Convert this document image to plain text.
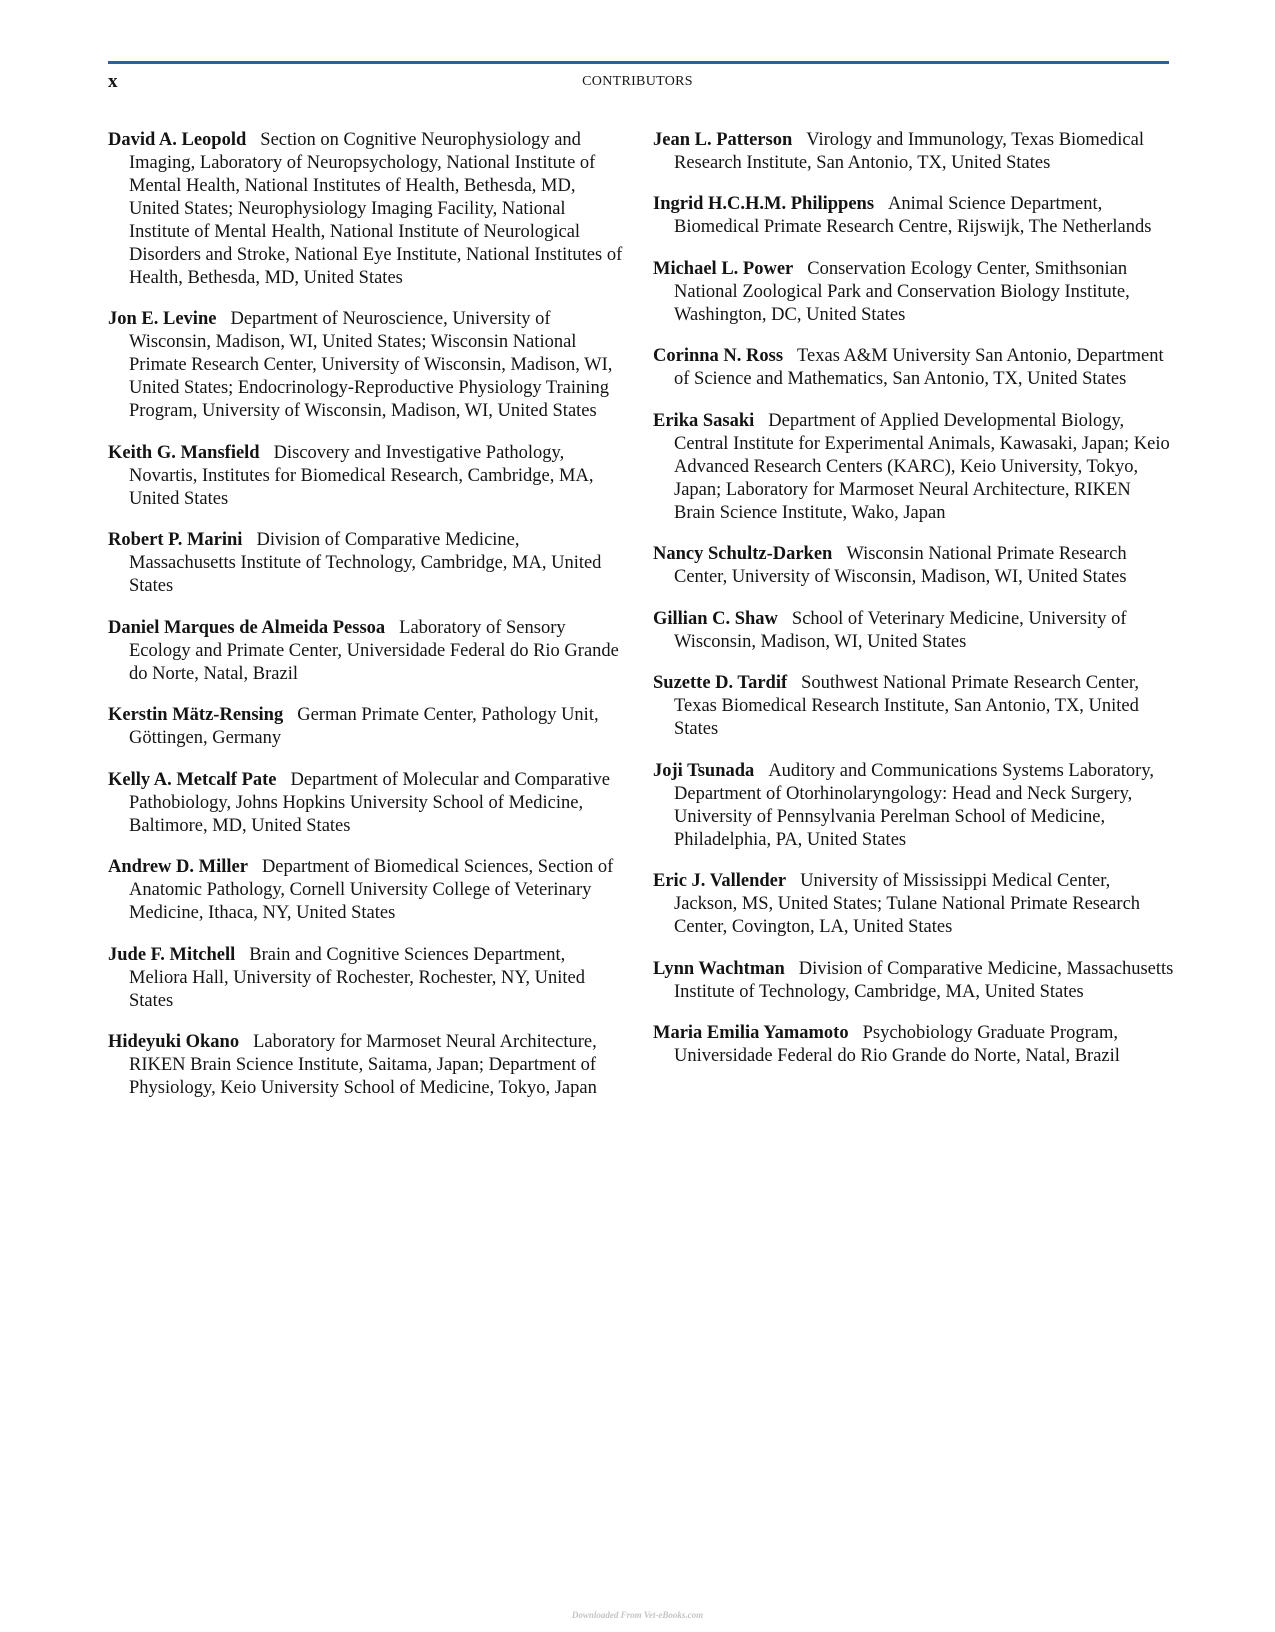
x	CONTRIBUTORS

David A. Leopold Section on Cognitive Neurophysiology and Imaging, Laboratory of Neuropsychology, National Institute of Mental Health, National Institutes of Health, Bethesda, MD, United States; Neurophysiology Imaging Facility, National Institute of Mental Health, National Institute of Neurological Disorders and Stroke, National Eye Institute, National Institutes of Health, Bethesda, MD, United States

Jon E. Levine Department of Neuroscience, University of Wisconsin, Madison, WI, United States; Wisconsin National Primate Research Center, University of Wisconsin, Madison, WI, United States; Endocrinology-Reproductive Physiology Training Program, University of Wisconsin, Madison, WI, United States

Keith G. Mansfield Discovery and Investigative Pathology, Novartis, Institutes for Biomedical Research, Cambridge, MA, United States

Robert P. Marini Division of Comparative Medicine, Massachusetts Institute of Technology, Cambridge, MA, United States

Daniel Marques de Almeida Pessoa Laboratory of Sensory Ecology and Primate Center, Universidade Federal do Rio Grande do Norte, Natal, Brazil

Kerstin Mätz-Rensing German Primate Center, Pathology Unit, Göttingen, Germany

Kelly A. Metcalf Pate Department of Molecular and Comparative Pathobiology, Johns Hopkins University School of Medicine, Baltimore, MD, United States

Andrew D. Miller Department of Biomedical Sciences, Section of Anatomic Pathology, Cornell University College of Veterinary Medicine, Ithaca, NY, United States

Jude F. Mitchell Brain and Cognitive Sciences Department, Meliora Hall, University of Rochester, Rochester, NY, United States

Hideyuki Okano Laboratory for Marmoset Neural Architecture, RIKEN Brain Science Institute, Saitama, Japan; Department of Physiology, Keio University School of Medicine, Tokyo, Japan

Jean L. Patterson Virology and Immunology, Texas Biomedical Research Institute, San Antonio, TX, United States

Ingrid H.C.H.M. Philippens Animal Science Department, Biomedical Primate Research Centre, Rijswijk, The Netherlands

Michael L. Power Conservation Ecology Center, Smithsonian National Zoological Park and Conservation Biology Institute, Washington, DC, United States

Corinna N. Ross Texas A&M University San Antonio, Department of Science and Mathematics, San Antonio, TX, United States

Erika Sasaki Department of Applied Developmental Biology, Central Institute for Experimental Animals, Kawasaki, Japan; Keio Advanced Research Centers (KARC), Keio University, Tokyo, Japan; Laboratory for Marmoset Neural Architecture, RIKEN Brain Science Institute, Wako, Japan

Nancy Schultz-Darken Wisconsin National Primate Research Center, University of Wisconsin, Madison, WI, United States

Gillian C. Shaw School of Veterinary Medicine, University of Wisconsin, Madison, WI, United States

Suzette D. Tardif Southwest National Primate Research Center, Texas Biomedical Research Institute, San Antonio, TX, United States

Joji Tsunada Auditory and Communications Systems Laboratory, Department of Otorhinolaryngology: Head and Neck Surgery, University of Pennsylvania Perelman School of Medicine, Philadelphia, PA, United States

Eric J. Vallender University of Mississippi Medical Center, Jackson, MS, United States; Tulane National Primate Research Center, Covington, LA, United States

Lynn Wachtman Division of Comparative Medicine, Massachusetts Institute of Technology, Cambridge, MA, United States

Maria Emilia Yamamoto Psychobiology Graduate Program, Universidade Federal do Rio Grande do Norte, Natal, Brazil

Downloaded From Vet-eBooks.com
